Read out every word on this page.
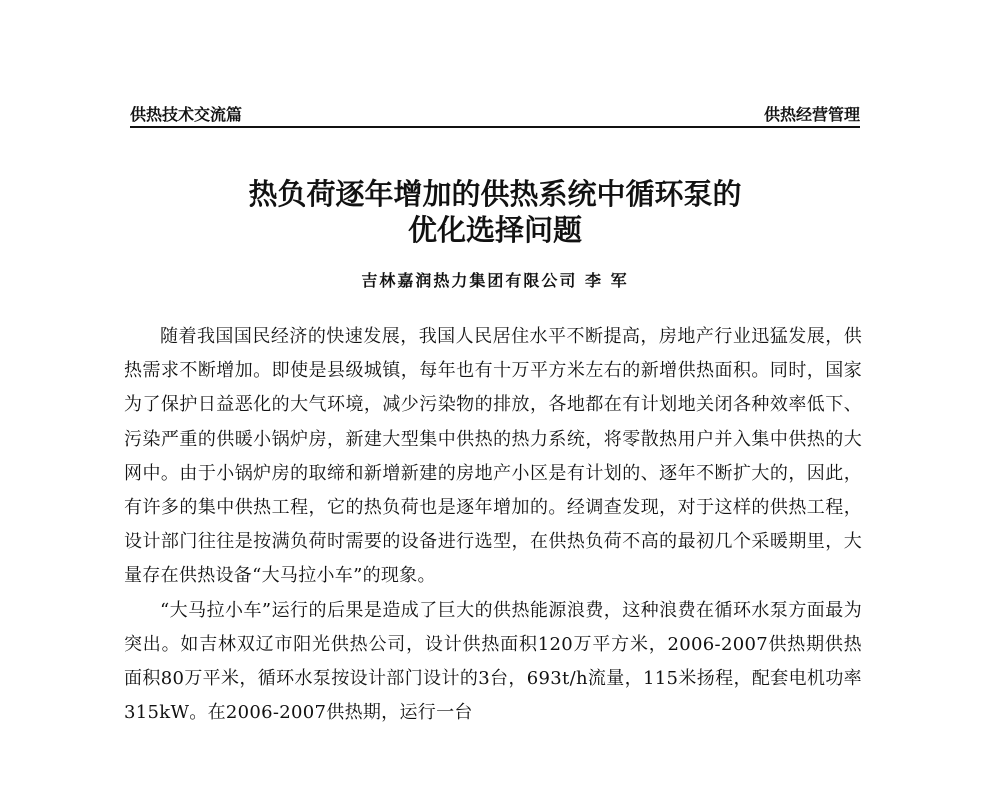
供热技术交流篇	供热经营管理
热负荷逐年增加的供热系统中循环泵的
优化选择问题
吉林嘉润热力集团有限公司 李 军

随着我国国民经济的快速发展，我国人民居住水平不断提高，房地产行业迅猛发展，供热需求不断增加。即使是县级城镇，每年也有十万平方米左右的新增供热面积。同时，国家为了保护日益恶化的大气环境，减少污染物的排放，各地都在有计划地关闭各种效率低下、污染严重的供暖小锅炉房，新建大型集中供热的热力系统，将零散热用户并入集中供热的大网中。由于小锅炉房的取缔和新增新建的房地产小区是有计划的、逐年不断扩大的，因此，有许多的集中供热工程，它的热负荷也是逐年增加的。经调查发现，对于这样的供热工程，设计部门往往是按满负荷时需要的设备进行选型，在供热负荷不高的最初几个采暖期里，大量存在供热设备“大马拉小车”的现象。

“大马拉小车”运行的后果是造成了巨大的供热能源浪费，这种浪费在循环水泵方面最为突出。如吉林双辽市阳光供热公司，设计供热面积120万平方米，2006-2007供热期供热面积80万平米，循环水泵按设计部门设计的3台，693t/h流量，115米扬程，配套电机功率315kW。在2006-2007供热期，运行一台
